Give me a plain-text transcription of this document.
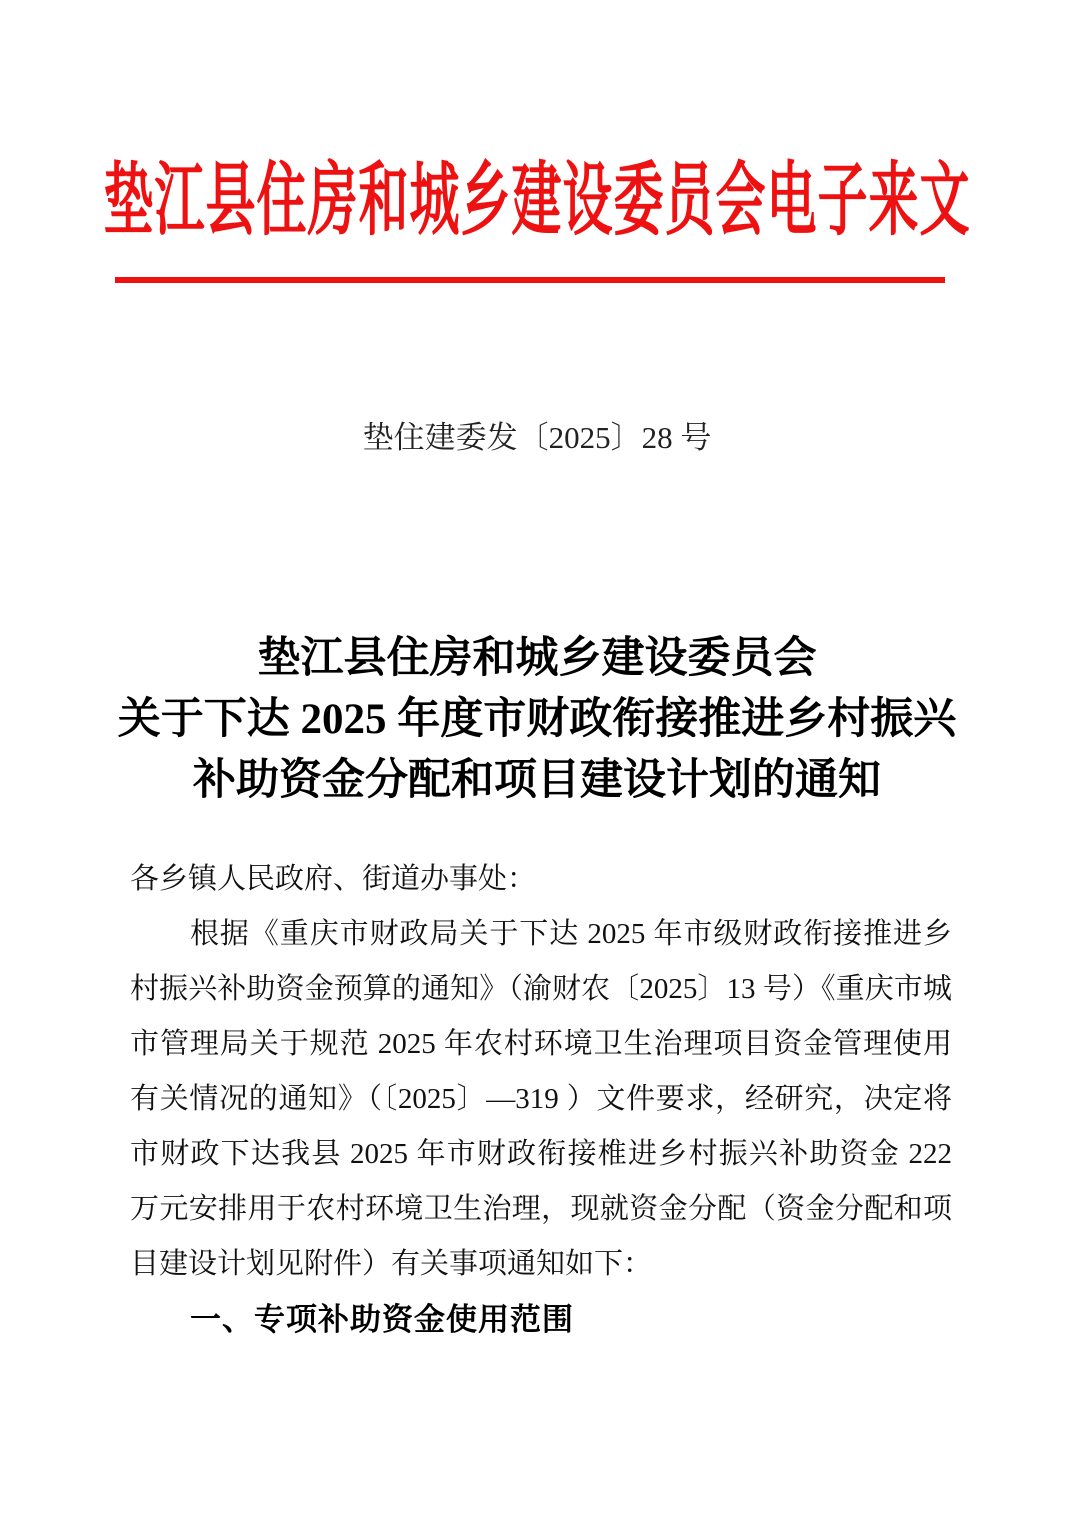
垫江县住房和城乡建设委员会电子来文
垫住建委发〔2025〕28 号
垫江县住房和城乡建设委员会
关于下达 2025 年度市财政衔接推进乡村振兴
补助资金分配和项目建设计划的通知
各乡镇人民政府、街道办事处：
根据《重庆市财政局关于下达 2025 年市级财政衔接推进乡
村振兴补助资金预算的通知》（渝财农〔2025〕13 号）《重庆市城
市管理局关于规范 2025 年农村环境卫生治理项目资金管理使用
有关情况的通知》（〔2025〕—319 ）文件要求，经研究，决定将
市财政下达我县 2025 年市财政衔接椎进乡村振兴补助资金 222
万元安排用于农村环境卫生治理，现就资金分配（资金分配和项
目建设计划见附件）有关事项通知如下：
一、专项补助资金使用范围
